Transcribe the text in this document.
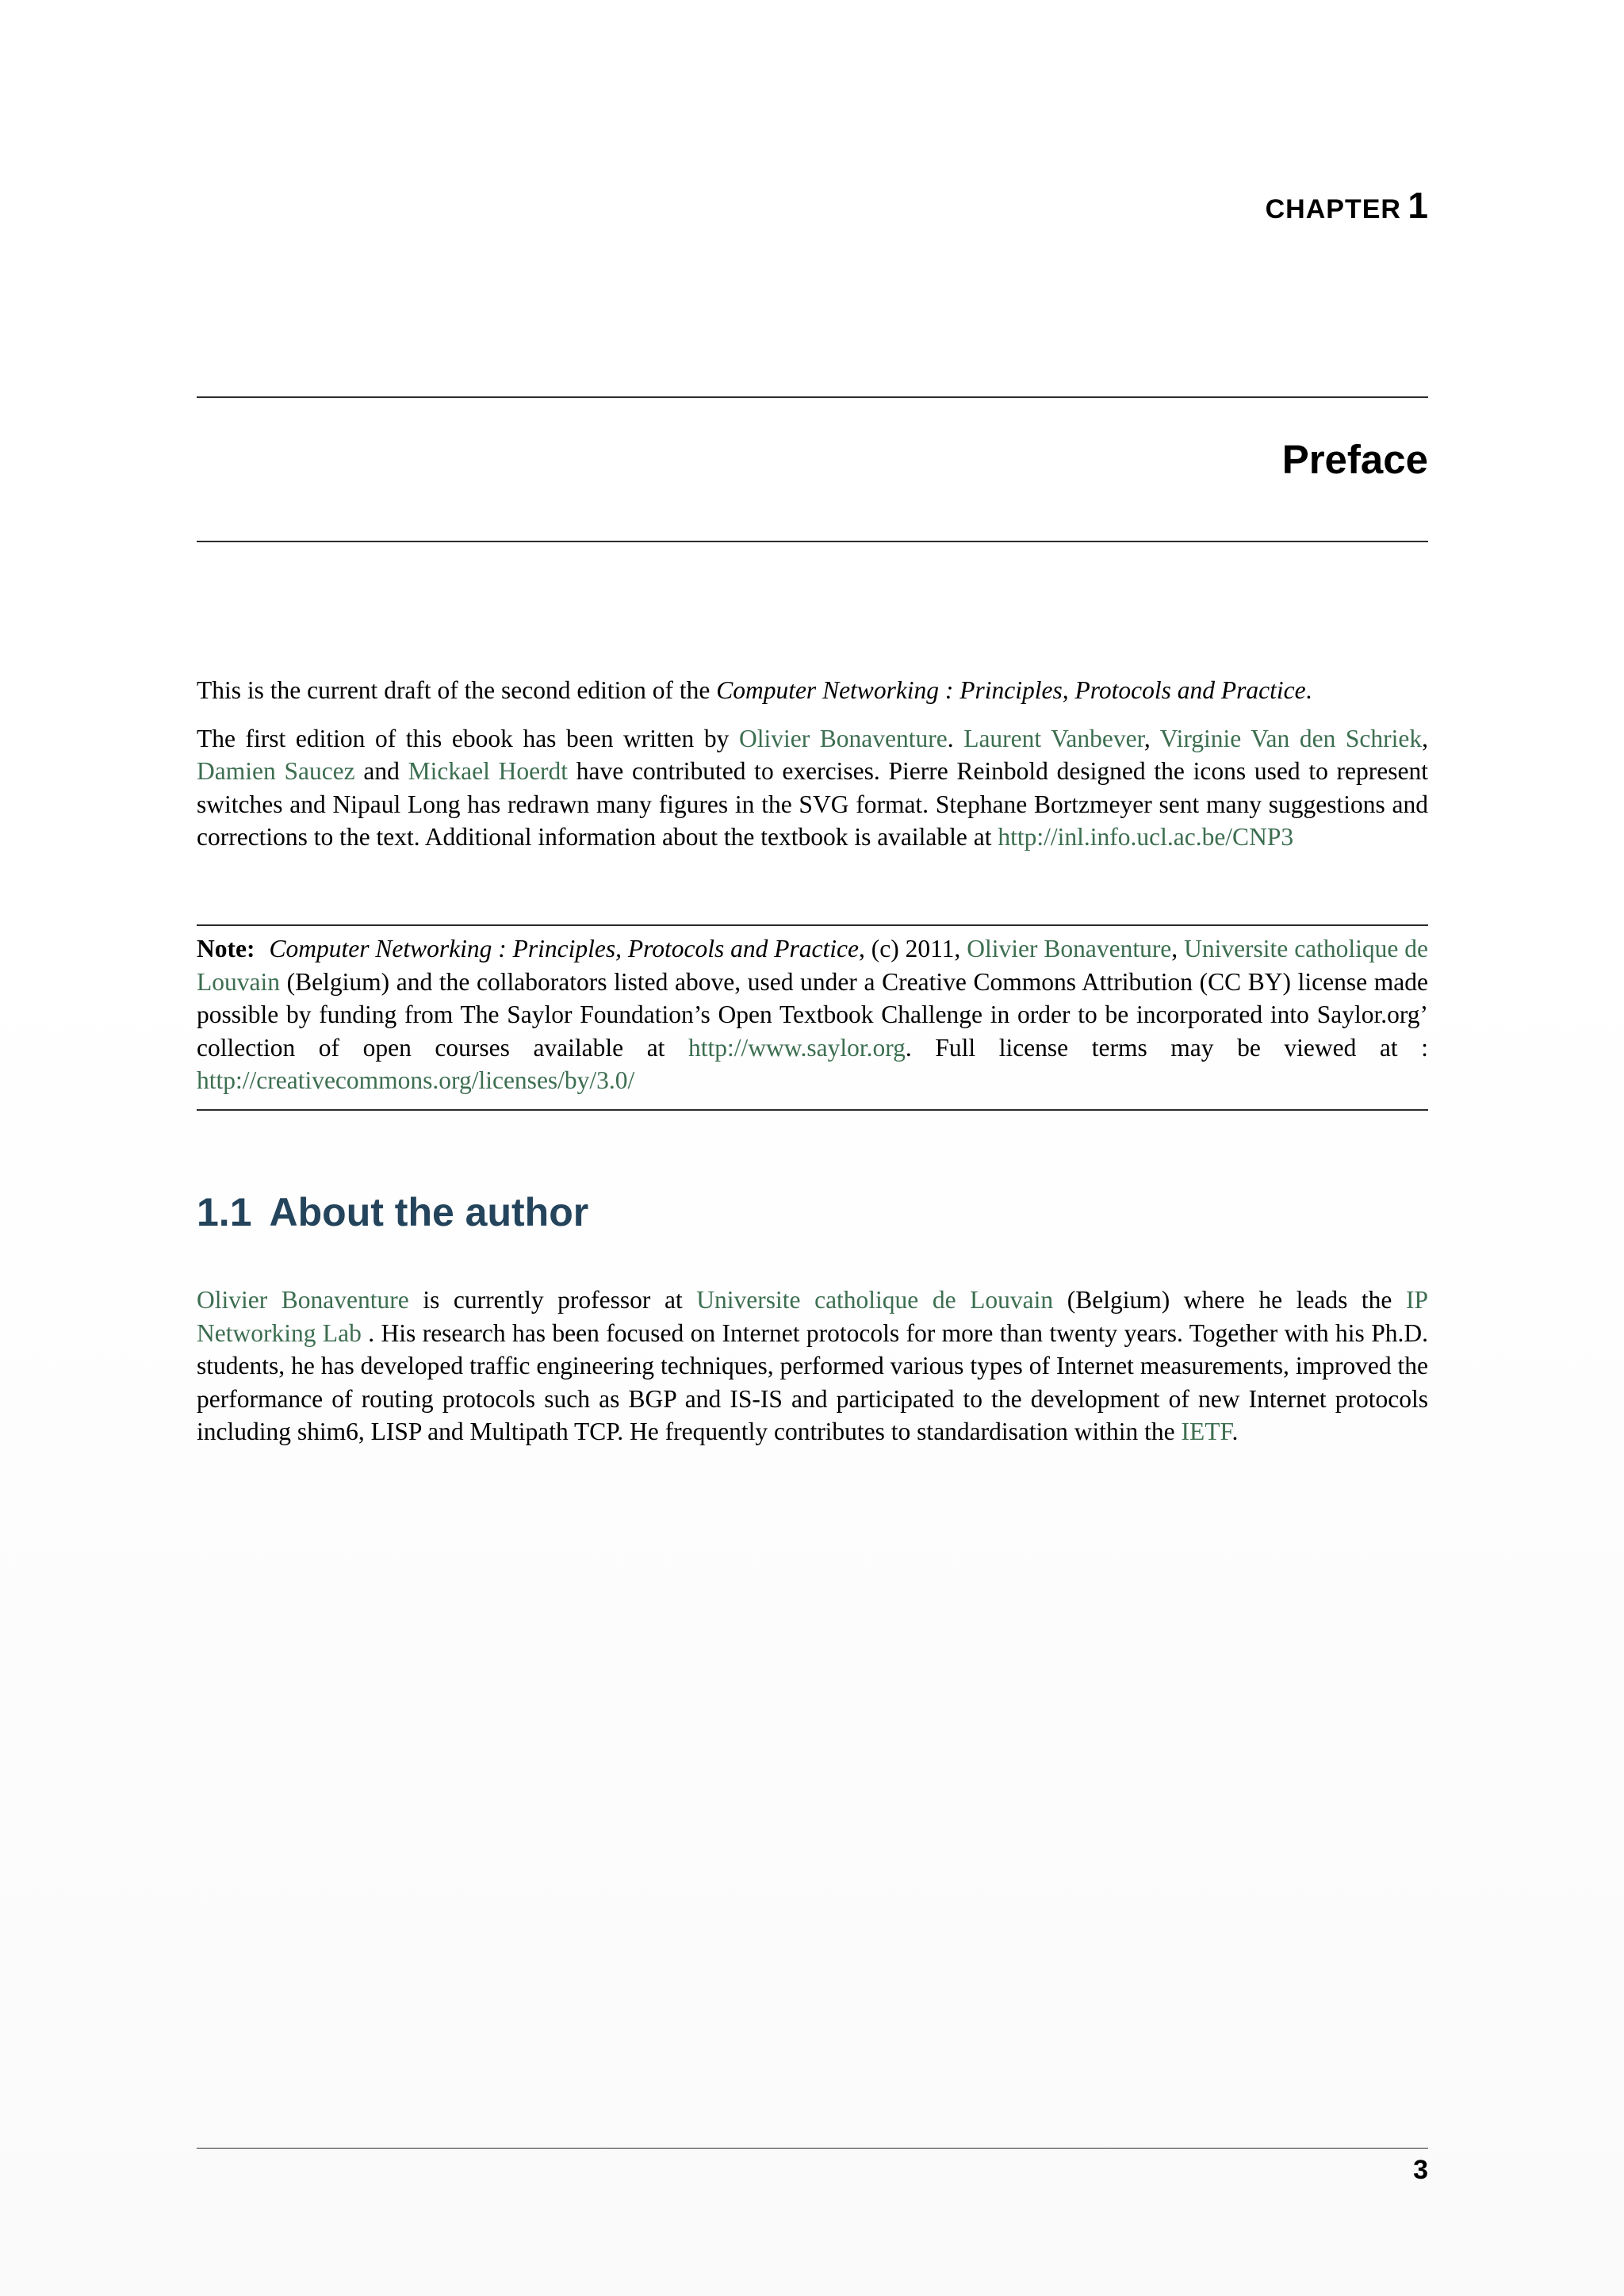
CHAPTER 1
Preface

This is the current draft of the second edition of the Computer Networking : Principles, Protocols and Practice.

The first edition of this ebook has been written by Olivier Bonaventure. Laurent Vanbever, Virginie Van den Schriek, Damien Saucez and Mickael Hoerdt have contributed to exercises. Pierre Reinbold designed the icons used to represent switches and Nipaul Long has redrawn many figures in the SVG format. Stephane Bortzmeyer sent many suggestions and corrections to the text. Additional information about the textbook is available at http://inl.info.ucl.ac.be/CNP3

Note: Computer Networking : Principles, Protocols and Practice, (c) 2011, Olivier Bonaventure, Universite catholique de Louvain (Belgium) and the collaborators listed above, used under a Creative Commons Attribution (CC BY) license made possible by funding from The Saylor Foundation’s Open Textbook Challenge in order to be incorporated into Saylor.org’ collection of open courses available at http://www.saylor.org. Full license terms may be viewed at : http://creativecommons.org/licenses/by/3.0/

1.1 About the author

Olivier Bonaventure is currently professor at Universite catholique de Louvain (Belgium) where he leads the IP Networking Lab . His research has been focused on Internet protocols for more than twenty years. Together with his Ph.D. students, he has developed traffic engineering techniques, performed various types of Internet measurements, improved the performance of routing protocols such as BGP and IS-IS and participated to the development of new Internet protocols including shim6, LISP and Multipath TCP. He frequently contributes to standardisation within the IETF.

3
